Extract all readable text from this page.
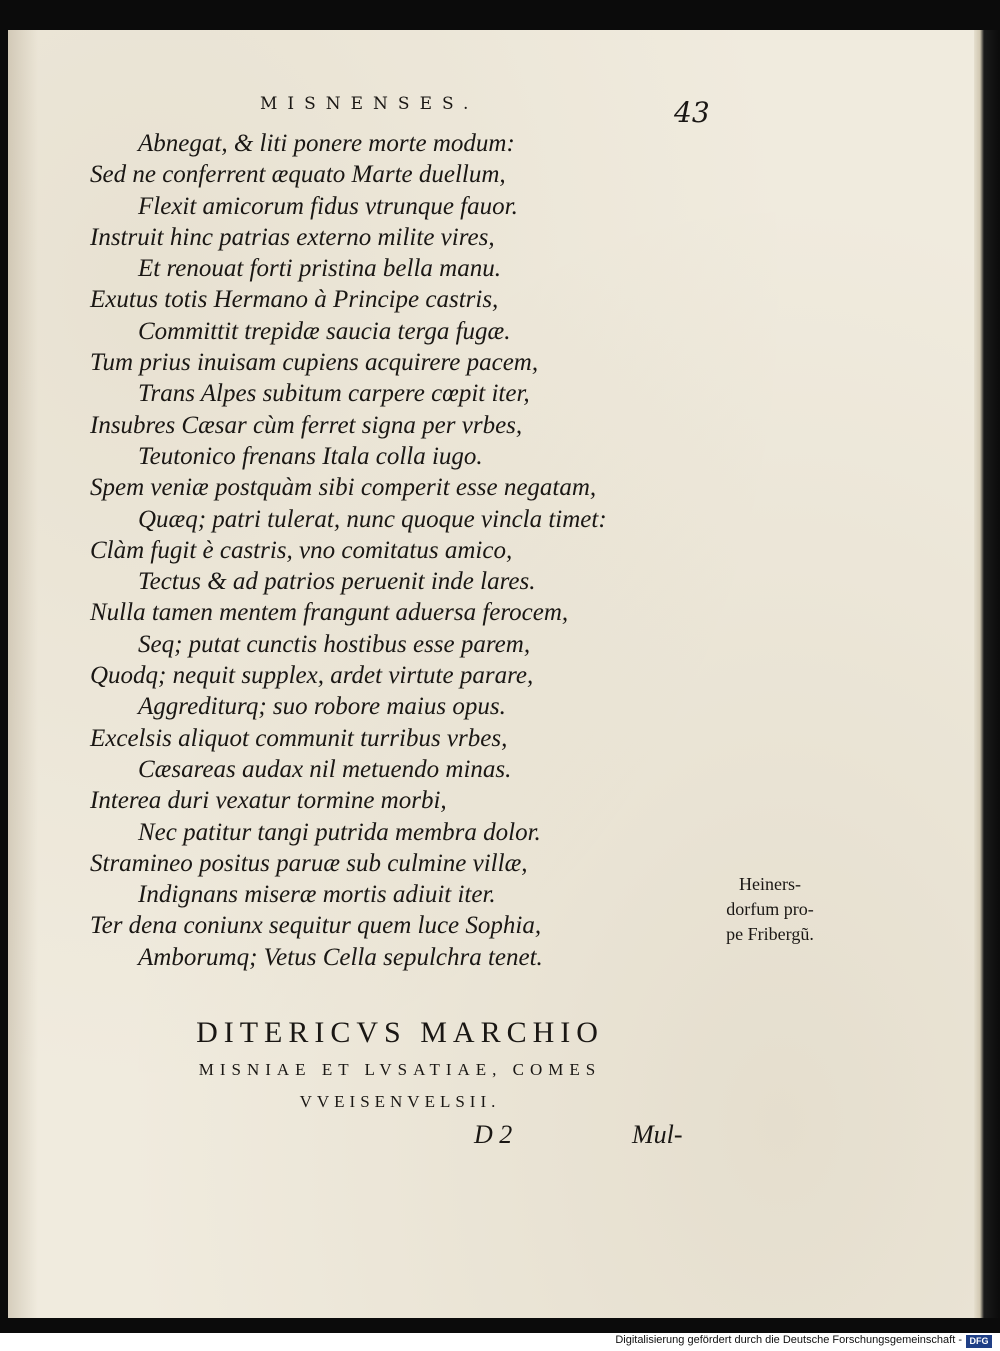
MISNENSES.	43
Abnegat, & liti ponere morte modum:
Sed ne conferrent æquato Marte duellum,
Flexit amicorum fidus vtrunque fauor.
Instruit hinc patrias externo milite vires,
Et renouat forti pristina bella manu.
Exutus totis Hermano à Principe castris,
Committit trepidæ saucia terga fugæ.
Tum prius inuisam cupiens acquirere pacem,
Trans Alpes subitum carpere cœpit iter,
Insubres Cæsar cùm ferret signa per vrbes,
Teutonico frenans Itala colla iugo.
Spem veniæ postquàm sibi comperit esse negatam,
Quæq; patri tulerat, nunc quoque vincla timet:
Clàm fugit è castris, vno comitatus amico,
Tectus & ad patrios peruenit inde lares.
Nulla tamen mentem frangunt aduersa ferocem,
Seq; putat cunctis hostibus esse parem,
Quodq; nequit supplex, ardet virtute parare,
Aggrediturq; suo robore maius opus.
Excelsis aliquot communit turribus vrbes,
Cæsareas audax nil metuendo minas.
Interea duri vexatur tormine morbi,
Nec patitur tangi putrida membra dolor.
Stramineo positus paruæ sub culmine villæ,
Indignans miseræ mortis adiuit iter.
Ter dena coniunx sequitur quem luce Sophia,
Amborumq; Vetus Cella sepulchra tenet.
Heiners-
dorfum pro-
pe Fribergũ.
DITERICVS MARCHIO
MISNIAE ET LVSATIAE, COMES
VVEISENVELSII.
D 2	Mul-
Digitalisierung gefördert durch die Deutsche Forschungsgemeinschaft - DFG
